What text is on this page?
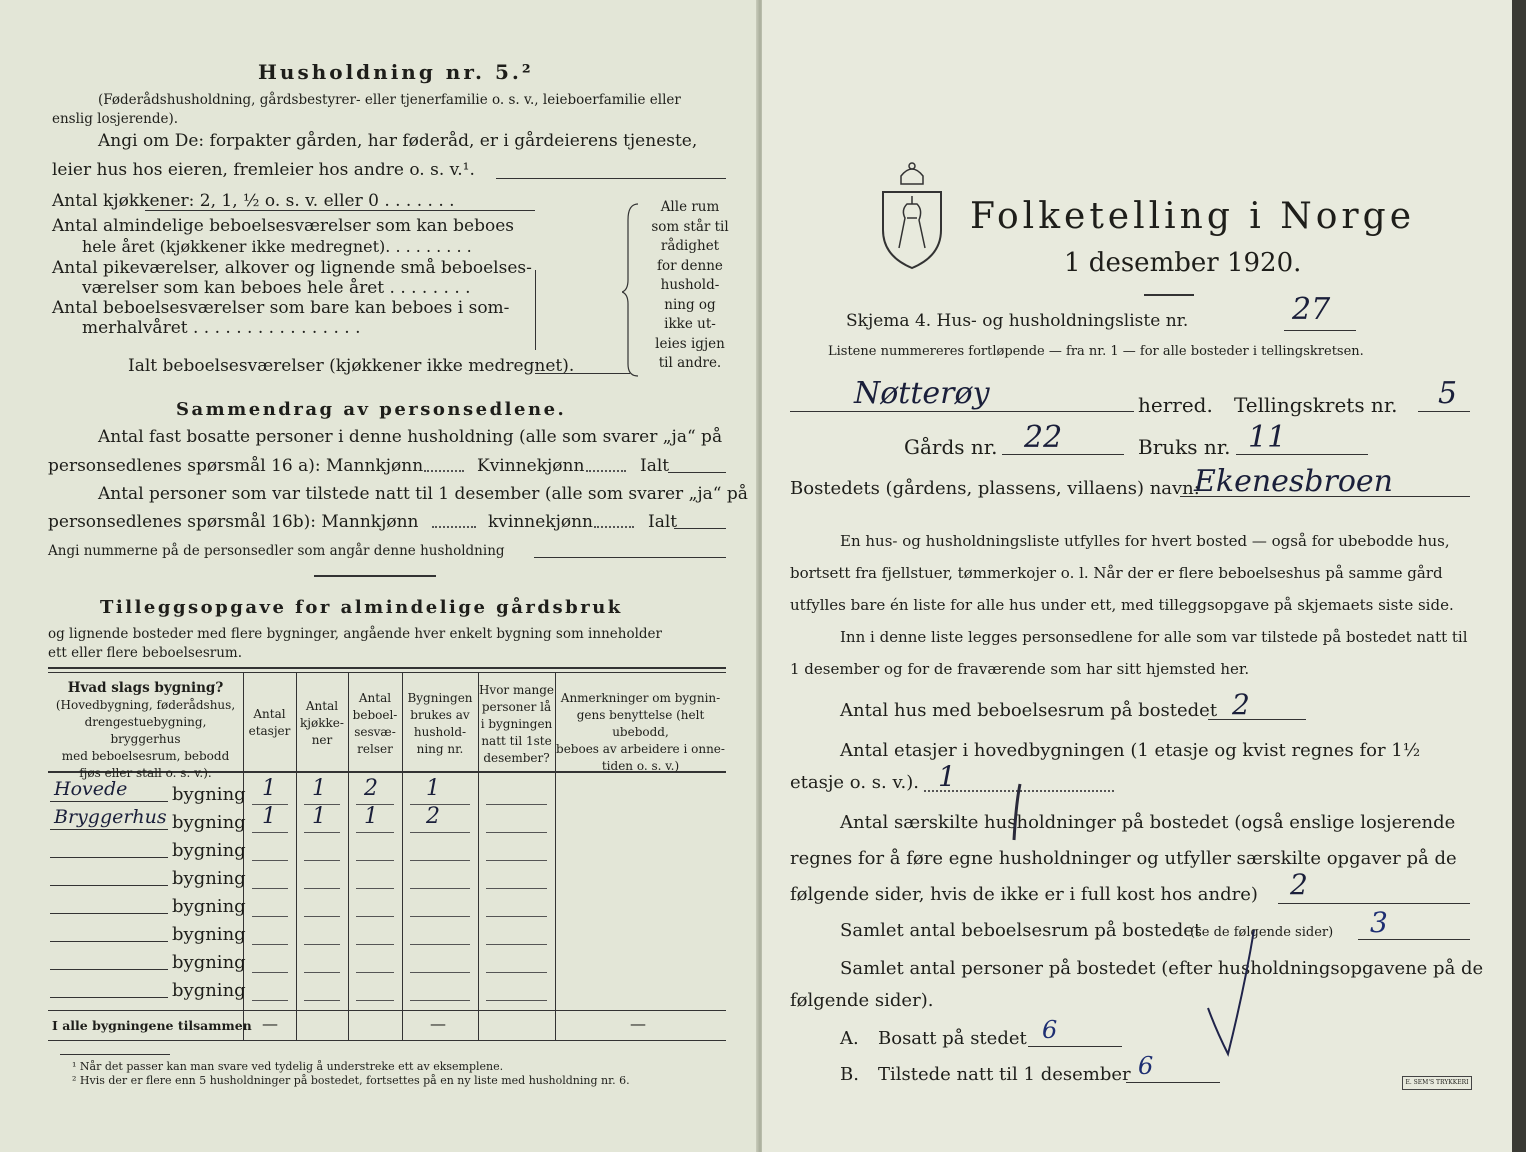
Husholdning nr. 5.²
(Føderådshusholdning, gårdsbestyrer- eller tjenerfamilie o. s. v., leieboerfamilie eller
enslig losjerende).
Angi om De: forpakter gården, har føderåd, er i gårdeierens tjeneste,
leier hus hos eieren, fremleier hos andre o. s. v.¹.
Antal kjøkkener: 2, 1, ½ o. s. v. eller 0 . . . . . . .
Antal almindelige beboelsesværelser som kan beboes
hele året (kjøkkener ikke medregnet). . . . . . . . .
Antal pikeværelser, alkover og lignende små beboelses-
værelser som kan beboes hele året . . . . . . . .
Antal beboelsesværelser som bare kan beboes i som-
merhalvåret . . . . . . . . . . . . . . . .
Ialt beboelsesværelser (kjøkkener ikke medregnet).
Alle rum
som står til
rådighet
for denne
hushold-
ning og
ikke ut-
leies igjen
til andre.
Sammendrag av personsedlene.
Antal fast bosatte personer i denne husholdning (alle som svarer „ja“ på
personsedlenes spørsmål 16 a): Mannkjønn	Kvinnekjønn	Ialt
Antal personer som var tilstede natt til 1 desember (alle som svarer „ja“ på
personsedlenes spørsmål 16b): Mannkjønn	kvinnekjønn	Ialt
Angi nummerne på de personsedler som angår denne husholdning
Tilleggsopgave for almindelige gårdsbruk
og lignende bosteder med flere bygninger, angående hver enkelt bygning som inneholder
ett eller flere beboelsesrum.
Hvad slags bygning?
(Hovedbygning, føderådshus,
drengestuebygning, bryggerhus
med beboelsesrum, bebodd
fjøs eller stall o. s. v.).
Antal
etasjer
Antal
kjøkke-
ner
Antal
beboel-
sesvæ-
relser
Bygningen
brukes av
hushold-
ning nr.
Hvor mange
personer lå
i bygningen
natt til 1ste
desember?
Anmerkninger om bygnin-
gens benyttelse (helt ubebodd,
beboes av arbeidere i onne-
tiden o. s. v.)
Hovede bygning 1 1 2 1
Bryggerhus bygning 1 1 1 2
bygning
bygning
bygning
bygning
bygning
bygning
I alle bygningene tilsammen —	—	—
¹ Når det passer kan man svare ved tydelig å understreke ett av eksemplene.
² Hvis der er flere enn 5 husholdninger på bostedet, fortsettes på en ny liste med husholdning nr. 6.
Folketelling i Norge
1 desember 1920.
Skjema 4. Hus- og husholdningsliste nr.	27
Listene nummereres fortløpende — fra nr. 1 — for alle bosteder i tellingskretsen.
Nøtterøy	herred. Tellingskrets nr. 5
Gårds nr. 22	Bruks nr. 11
Bostedets (gårdens, plassens, villaens) navn:
Ekenesbroen
En hus- og husholdningsliste utfylles for hvert bosted — også for ubebodde hus,
bortsett fra fjellstuer, tømmerkojer o. l. Når der er flere beboelseshus på samme gård
utfylles bare én liste for alle hus under ett, med tilleggsopgave på skjemaets siste side.
Inn i denne liste legges personsedlene for alle som var tilstede på bostedet natt til
1 desember og for de fraværende som har sitt hjemsted her.
Antal hus med beboelsesrum på bostedet 2
Antal etasjer i hovedbygningen (1 etasje og kvist regnes for 1½
etasje o. s. v.). 1
Antal særskilte husholdninger på bostedet (også enslige losjerende
regnes for å føre egne husholdninger og utfyller særskilte opgaver på de
følgende sider, hvis de ikke er i full kost hos andre) 2
Samlet antal beboelsesrum på bostedet
(se de følgende sider) 3
Samlet antal personer på bostedet (efter husholdningsopgavene på de
følgende sider).
A. Bosatt på stedet 6
B. Tilstede natt til 1 desember 6
E. SEM'S TRYKKERI
